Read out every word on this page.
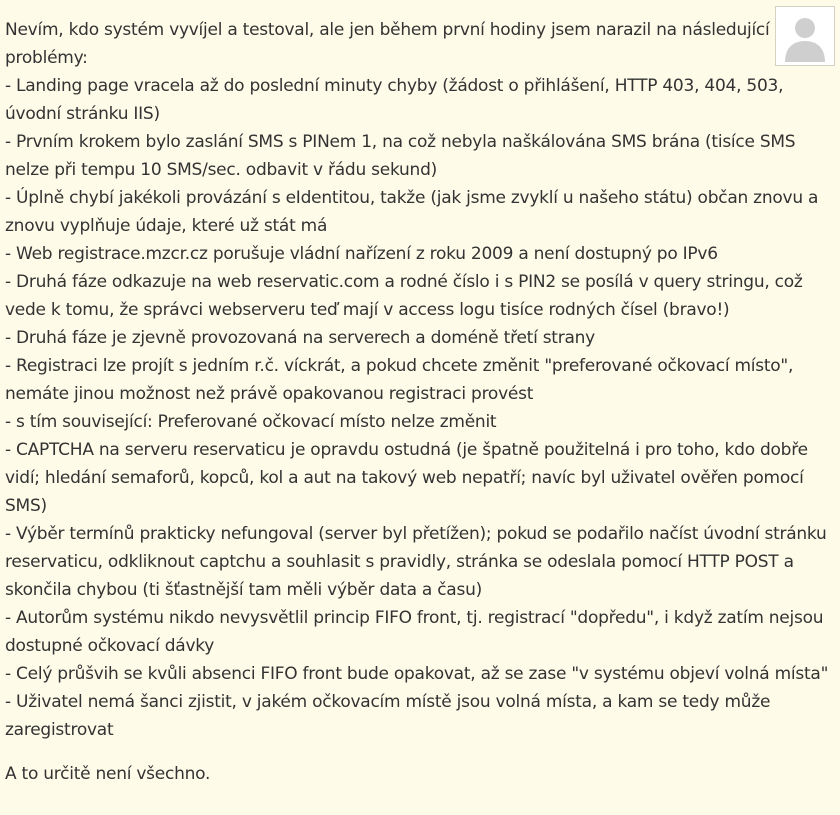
Nevím, kdo systém vyvíjel a testoval, ale jen během první hodiny jsem narazil na následující problémy:

- Landing page vracela až do poslední minuty chyby (žádost o přihlášení, HTTP 403, 404, 503, úvodní stránku IIS)

- Prvním krokem bylo zaslání SMS s PINem 1, na což nebyla naškálována SMS brána (tisíce SMS nelze při tempu 10 SMS/sec. odbavit v řádu sekund)

- Úplně chybí jakékoli provázání s eIdentitou, takže (jak jsme zvyklí u našeho státu) občan znovu a znovu vyplňuje údaje, které už stát má

- Web registrace.mzcr.cz porušuje vládní nařízení z roku 2009 a není dostupný po IPv6

- Druhá fáze odkazuje na web reservatic.com a rodné číslo i s PIN2 se posílá v query stringu, což vede k tomu, že správci webserveru teď mají v access logu tisíce rodných čísel (bravo!)

- Druhá fáze je zjevně provozovaná na serverech a doméně třetí strany

- Registraci lze projít s jedním r.č. víckrát, a pokud chcete změnit "preferované očkovací místo", nemáte jinou možnost než právě opakovanou registraci provést

- s tím související: Preferované očkovací místo nelze změnit

- CAPTCHA na serveru reservaticu je opravdu ostudná (je špatně použitelná i pro toho, kdo dobře vidí; hledání semaforů, kopců, kol a aut na takový web nepatří; navíc byl uživatel ověřen pomocí SMS)

- Výběr termínů prakticky nefungoval (server byl přetížen); pokud se podařilo načíst úvodní stránku reservaticu, odkliknout captchu a souhlasit s pravidly, stránka se odeslala pomocí HTTP POST a skončila chybou (ti šťastnější tam měli výběr data a času)

- Autorům systému nikdo nevysvětlil princip FIFO front, tj. registrací "dopředu", i když zatím nejsou dostupné očkovací dávky

- Celý průšvih se kvůli absenci FIFO front bude opakovat, až se zase "v systému objeví volná místa"

- Uživatel nemá šanci zjistit, v jakém očkovacím místě jsou volná místa, a kam se tedy může zaregistrovat

A to určitě není všechno.
